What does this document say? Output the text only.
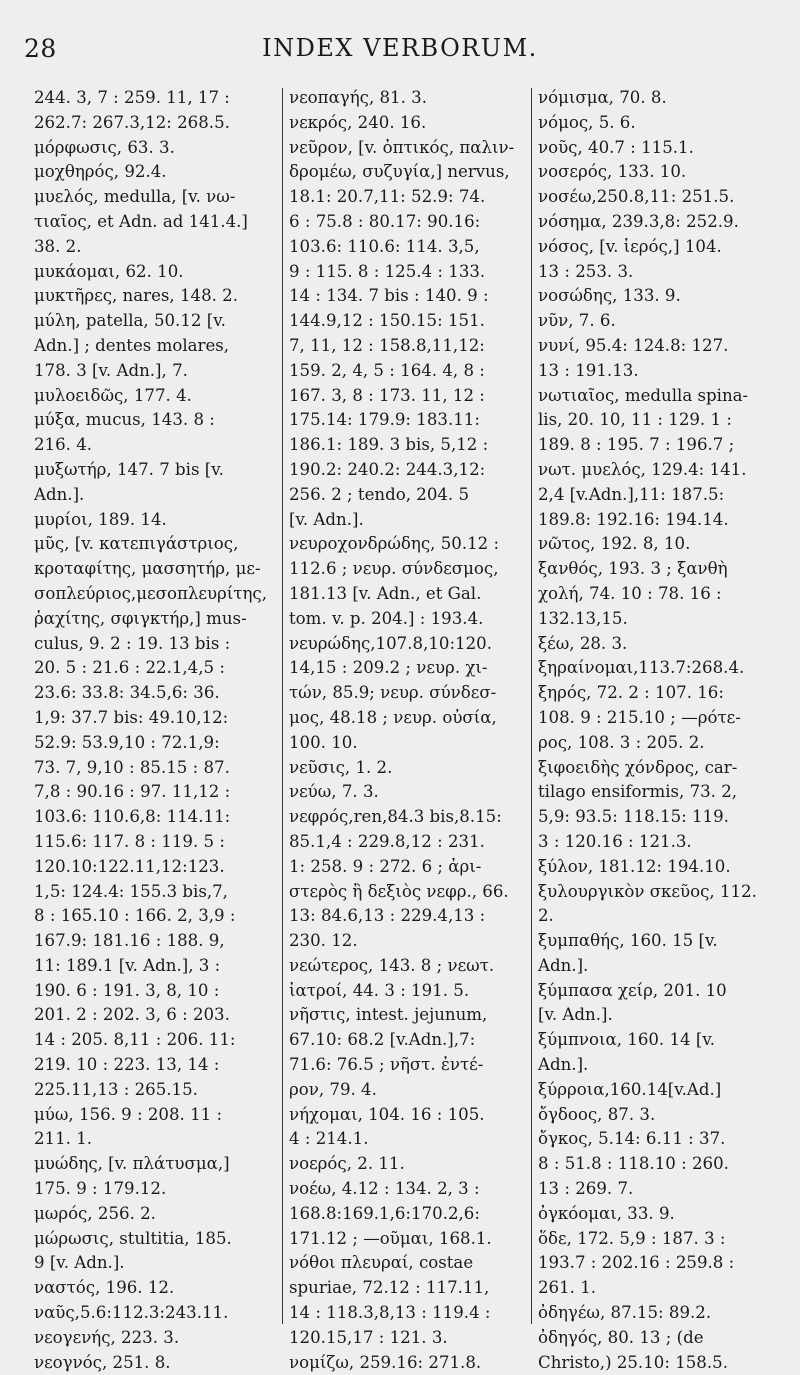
28	INDEX VERBORUM.
244. 3, 7 : 259. 11, 17 :
262.7: 267.3,12: 268.5.
μόρφωσις, 63. 3.
μοχθηρός, 92.4.
μυελός, medulla, [v. νω-
τιαῖος, et Adn. ad 141.4.]
38. 2.
μυκάομαι, 62. 10.
μυκτῆρες, nares, 148. 2.
μύλη, patella, 50.12 [v.
Adn.] ; dentes molares,
178. 3 [v. Adn.], 7.
μυλοειδῶς, 177. 4.
μύξα, mucus, 143. 8 :
216. 4.
μυξωτήρ, 147. 7 bis [v.
Adn.].
μυρίοι, 189. 14.
μῦς, [v. κατεπιγάστριος,
κροταφίτης, μασσητήρ, με-
σοπλεύριος,μεσοπλευρίτης,
ῥαχίτης, σφιγκτήρ,] mus-
culus, 9. 2 : 19. 13 bis :
20. 5 : 21.6 : 22.1,4,5 :
23.6: 33.8: 34.5,6: 36.
1,9: 37.7 bis: 49.10,12:
52.9: 53.9,10 : 72.1,9:
73. 7, 9,10 : 85.15 : 87.
7,8 : 90.16 : 97. 11,12 :
103.6: 110.6,8: 114.11:
115.6: 117. 8 : 119. 5 :
120.10:122.11,12:123.
1,5: 124.4: 155.3 bis,7,
8 : 165.10 : 166. 2, 3,9 :
167.9: 181.16 : 188. 9,
11: 189.1 [v. Adn.], 3 :
190. 6 : 191. 3, 8, 10 :
201. 2 : 202. 3, 6 : 203.
14 : 205. 8,11 : 206. 11:
219. 10 : 223. 13, 14 :
225.11,13 : 265.15.
μύω, 156. 9 : 208. 11 :
211. 1.
μυώδης, [v. πλάτυσμα,]
175. 9 : 179.12.
μωρός, 256. 2.
μώρωσις, stultitia, 185.
9 [v. Adn.].
ναστός, 196. 12.
ναῦς,5.6:112.3:243.11.
νεογενής, 223. 3.
νεογνός, 251. 8.
νεοπαγής, 81. 3.
νεκρός, 240. 16.
νεῦρον, [v. ὀπτικός, παλιν-
δρομέω, συζυγία,] nervus,
18.1: 20.7,11: 52.9: 74.
6 : 75.8 : 80.17: 90.16:
103.6: 110.6: 114. 3,5,
9 : 115. 8 : 125.4 : 133.
14 : 134. 7 bis : 140. 9 :
144.9,12 : 150.15: 151.
7, 11, 12 : 158.8,11,12:
159. 2, 4, 5 : 164. 4, 8 :
167. 3, 8 : 173. 11, 12 :
175.14: 179.9: 183.11:
186.1: 189. 3 bis, 5,12 :
190.2: 240.2: 244.3,12:
256. 2 ; tendo, 204. 5
[v. Adn.].
νευροχονδρώδης, 50.12 :
112.6 ; νευρ. σύνδεσμος,
181.13 [v. Adn., et Gal.
tom. v. p. 204.] : 193.4.
νευρώδης,107.8,10:120.
14,15 : 209.2 ; νευρ. χι-
τών, 85.9; νευρ. σύνδεσ-
μος, 48.18 ; νευρ. οὐσία,
100. 10.
νεῦσις, 1. 2.
νεύω, 7. 3.
νεφρός,ren,84.3 bis,8.15:
85.1,4 : 229.8,12 : 231.
1: 258. 9 : 272. 6 ; ἀρι-
στερὸς ἢ δεξιὸς νεφρ., 66.
13: 84.6,13 : 229.4,13 :
230. 12.
νεώτερος, 143. 8 ; νεωτ.
ἰατροί, 44. 3 : 191. 5.
νῆστις, intest. jejunum,
67.10: 68.2 [v.Adn.],7:
71.6: 76.5 ; νῆστ. ἐντέ-
ρον, 79. 4.
νήχομαι, 104. 16 : 105.
4 : 214.1.
νοερός, 2. 11.
νοέω, 4.12 : 134. 2, 3 :
168.8:169.1,6:170.2,6:
171.12 ; —οῦμαι, 168.1.
νόθοι πλευραί, costae
spuriae, 72.12 : 117.11,
14 : 118.3,8,13 : 119.4 :
120.15,17 : 121. 3.
νομίζω, 259.16: 271.8.
νόμισμα, 70. 8.
νόμος, 5. 6.
νοῦς, 40.7 : 115.1.
νοσερός, 133. 10.
νοσέω,250.8,11: 251.5.
νόσημα, 239.3,8: 252.9.
νόσος, [v. ἱερός,] 104.
13 : 253. 3.
νοσώδης, 133. 9.
νῦν, 7. 6.
νυνί, 95.4: 124.8: 127.
13 : 191.13.
νωτιαῖος, medulla spina-
lis, 20. 10, 11 : 129. 1 :
189. 8 : 195. 7 : 196.7 ;
νωτ. μυελός, 129.4: 141.
2,4 [v.Adn.],11: 187.5:
189.8: 192.16: 194.14.
νῶτος, 192. 8, 10.
ξανθός, 193. 3 ; ξανθὴ
χολή, 74. 10 : 78. 16 :
132.13,15.
ξέω, 28. 3.
ξηραίνομαι,113.7:268.4.
ξηρός, 72. 2 : 107. 16:
108. 9 : 215.10 ; —ρότε-
ρος, 108. 3 : 205. 2.
ξιφοειδὴς χόνδρος, car-
tilago ensiformis, 73. 2,
5,9: 93.5: 118.15: 119.
3 : 120.16 : 121.3.
ξύλον, 181.12: 194.10.
ξυλουργικὸν σκεῦος, 112.
2.
ξυμπαθής, 160. 15 [v.
Adn.].
ξύμπασα χείρ, 201. 10
[v. Adn.].
ξύμπνοια, 160. 14 [v.
Adn.].
ξύρροια,160.14[v.Ad.]
ὄγδοος, 87. 3.
ὄγκος, 5.14: 6.11 : 37.
8 : 51.8 : 118.10 : 260.
13 : 269. 7.
ὀγκόομαι, 33. 9.
ὅδε, 172. 5,9 : 187. 3 :
193.7 : 202.16 : 259.8 :
261. 1.
ὀδηγέω, 87.15: 89.2.
ὀδηγός, 80. 13 ; (de
Christo,) 25.10: 158.5.
